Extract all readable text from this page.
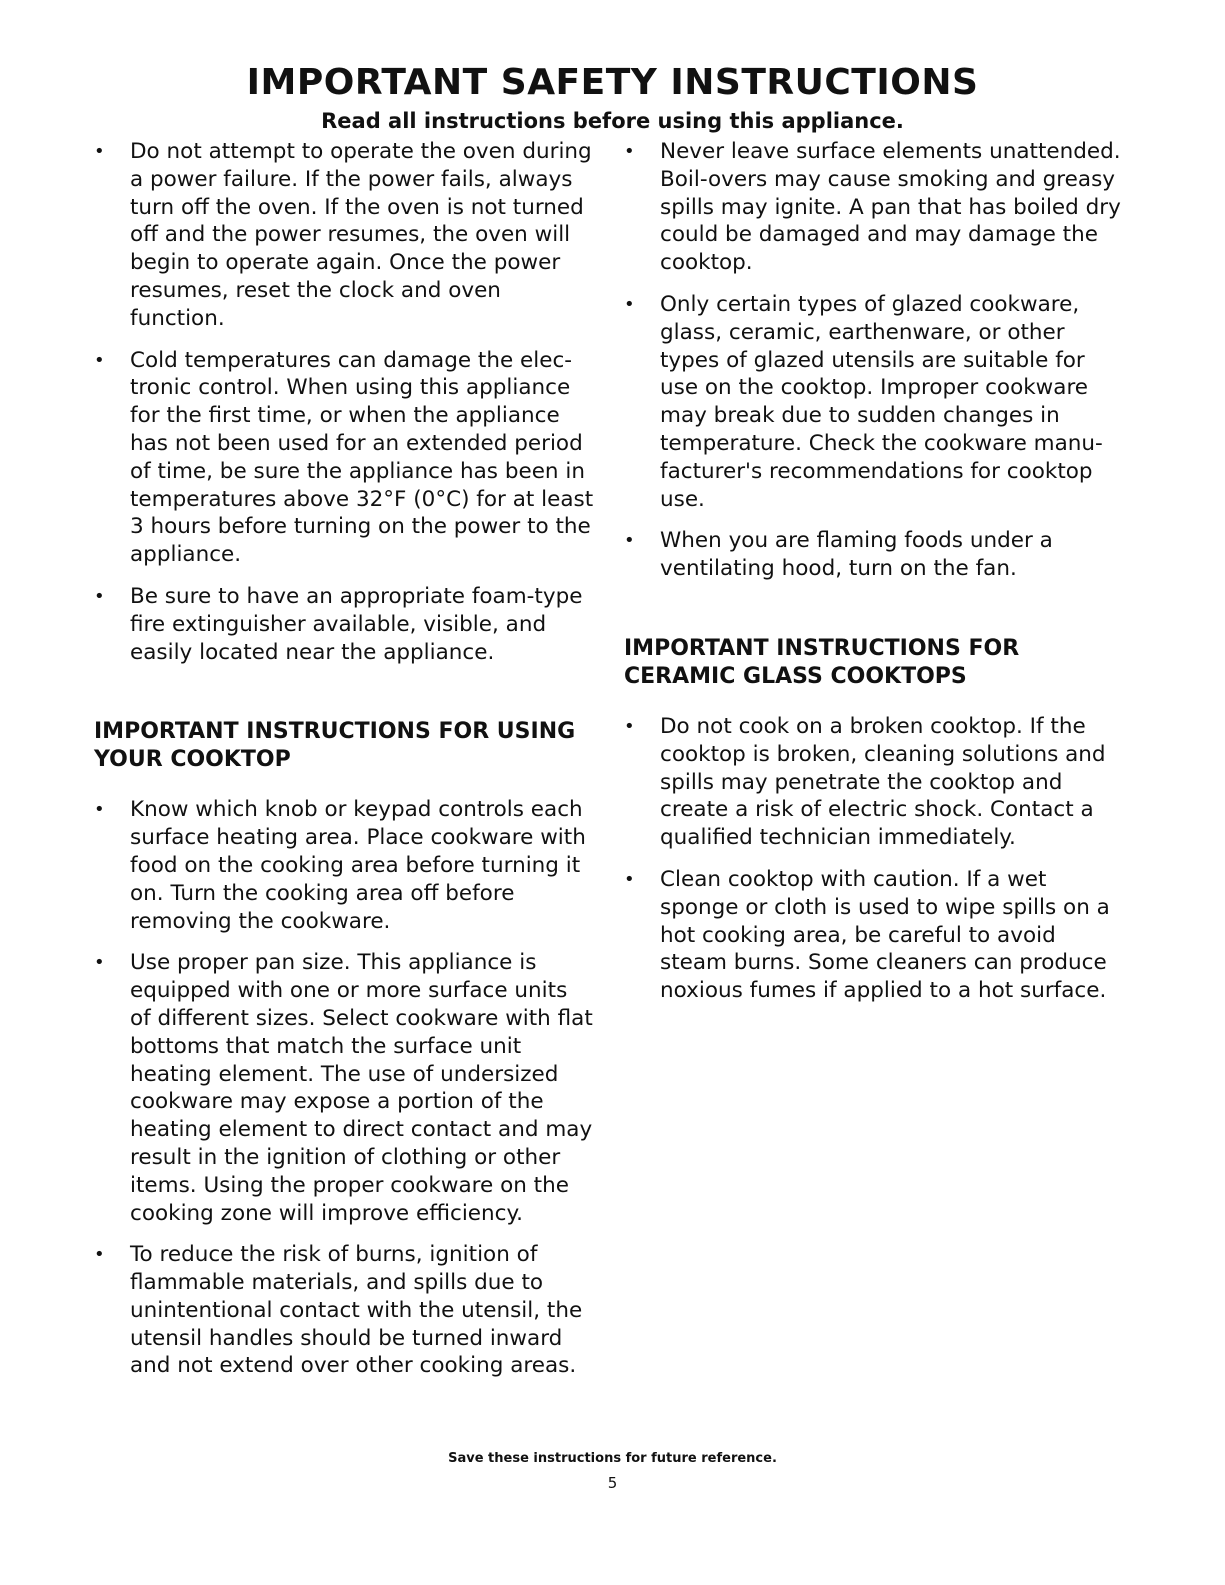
IMPORTANT SAFETY INSTRUCTIONS
Read all instructions before using this appliance.
• Do not attempt to operate the oven during a power failure. If the power fails, always turn off the oven. If the oven is not turned off and the power resumes, the oven will begin to operate again. Once the power resumes, reset the clock and oven function.
• Cold temperatures can damage the elec-tronic control. When using this appliance for the first time, or when the appliance has not been used for an extended period of time, be sure the appliance has been in temperatures above 32°F (0°C) for at least 3 hours before turning on the power to the appliance.
• Be sure to have an appropriate foam-type fire extinguisher available, visible, and easily located near the appliance.
IMPORTANT INSTRUCTIONS FOR USING YOUR COOKTOP
• Know which knob or keypad controls each surface heating area. Place cookware with food on the cooking area before turning it on. Turn the cooking area off before removing the cookware.
• Use proper pan size. This appliance is equipped with one or more surface units of different sizes. Select cookware with flat bottoms that match the surface unit heating element. The use of undersized cookware may expose a portion of the heating element to direct contact and may result in the ignition of clothing or other items. Using the proper cookware on the cooking zone will improve efficiency.
• To reduce the risk of burns, ignition of flammable materials, and spills due to unintentional contact with the utensil, the utensil handles should be turned inward and not extend over other cooking areas.
• Never leave surface elements unattended. Boil-overs may cause smoking and greasy spills may ignite. A pan that has boiled dry could be damaged and may damage the cooktop.
• Only certain types of glazed cookware, glass, ceramic, earthenware, or other types of glazed utensils are suitable for use on the cooktop. Improper cookware may break due to sudden changes in temperature. Check the cookware manu-facturer's recommendations for cooktop use.
• When you are flaming foods under a ventilating hood, turn on the fan.
IMPORTANT INSTRUCTIONS FOR CERAMIC GLASS COOKTOPS
• Do not cook on a broken cooktop. If the cooktop is broken, cleaning solutions and spills may penetrate the cooktop and create a risk of electric shock. Contact a qualified technician immediately.
• Clean cooktop with caution. If a wet sponge or cloth is used to wipe spills on a hot cooking area, be careful to avoid steam burns. Some cleaners can produce noxious fumes if applied to a hot surface.
Save these instructions for future reference.
5
